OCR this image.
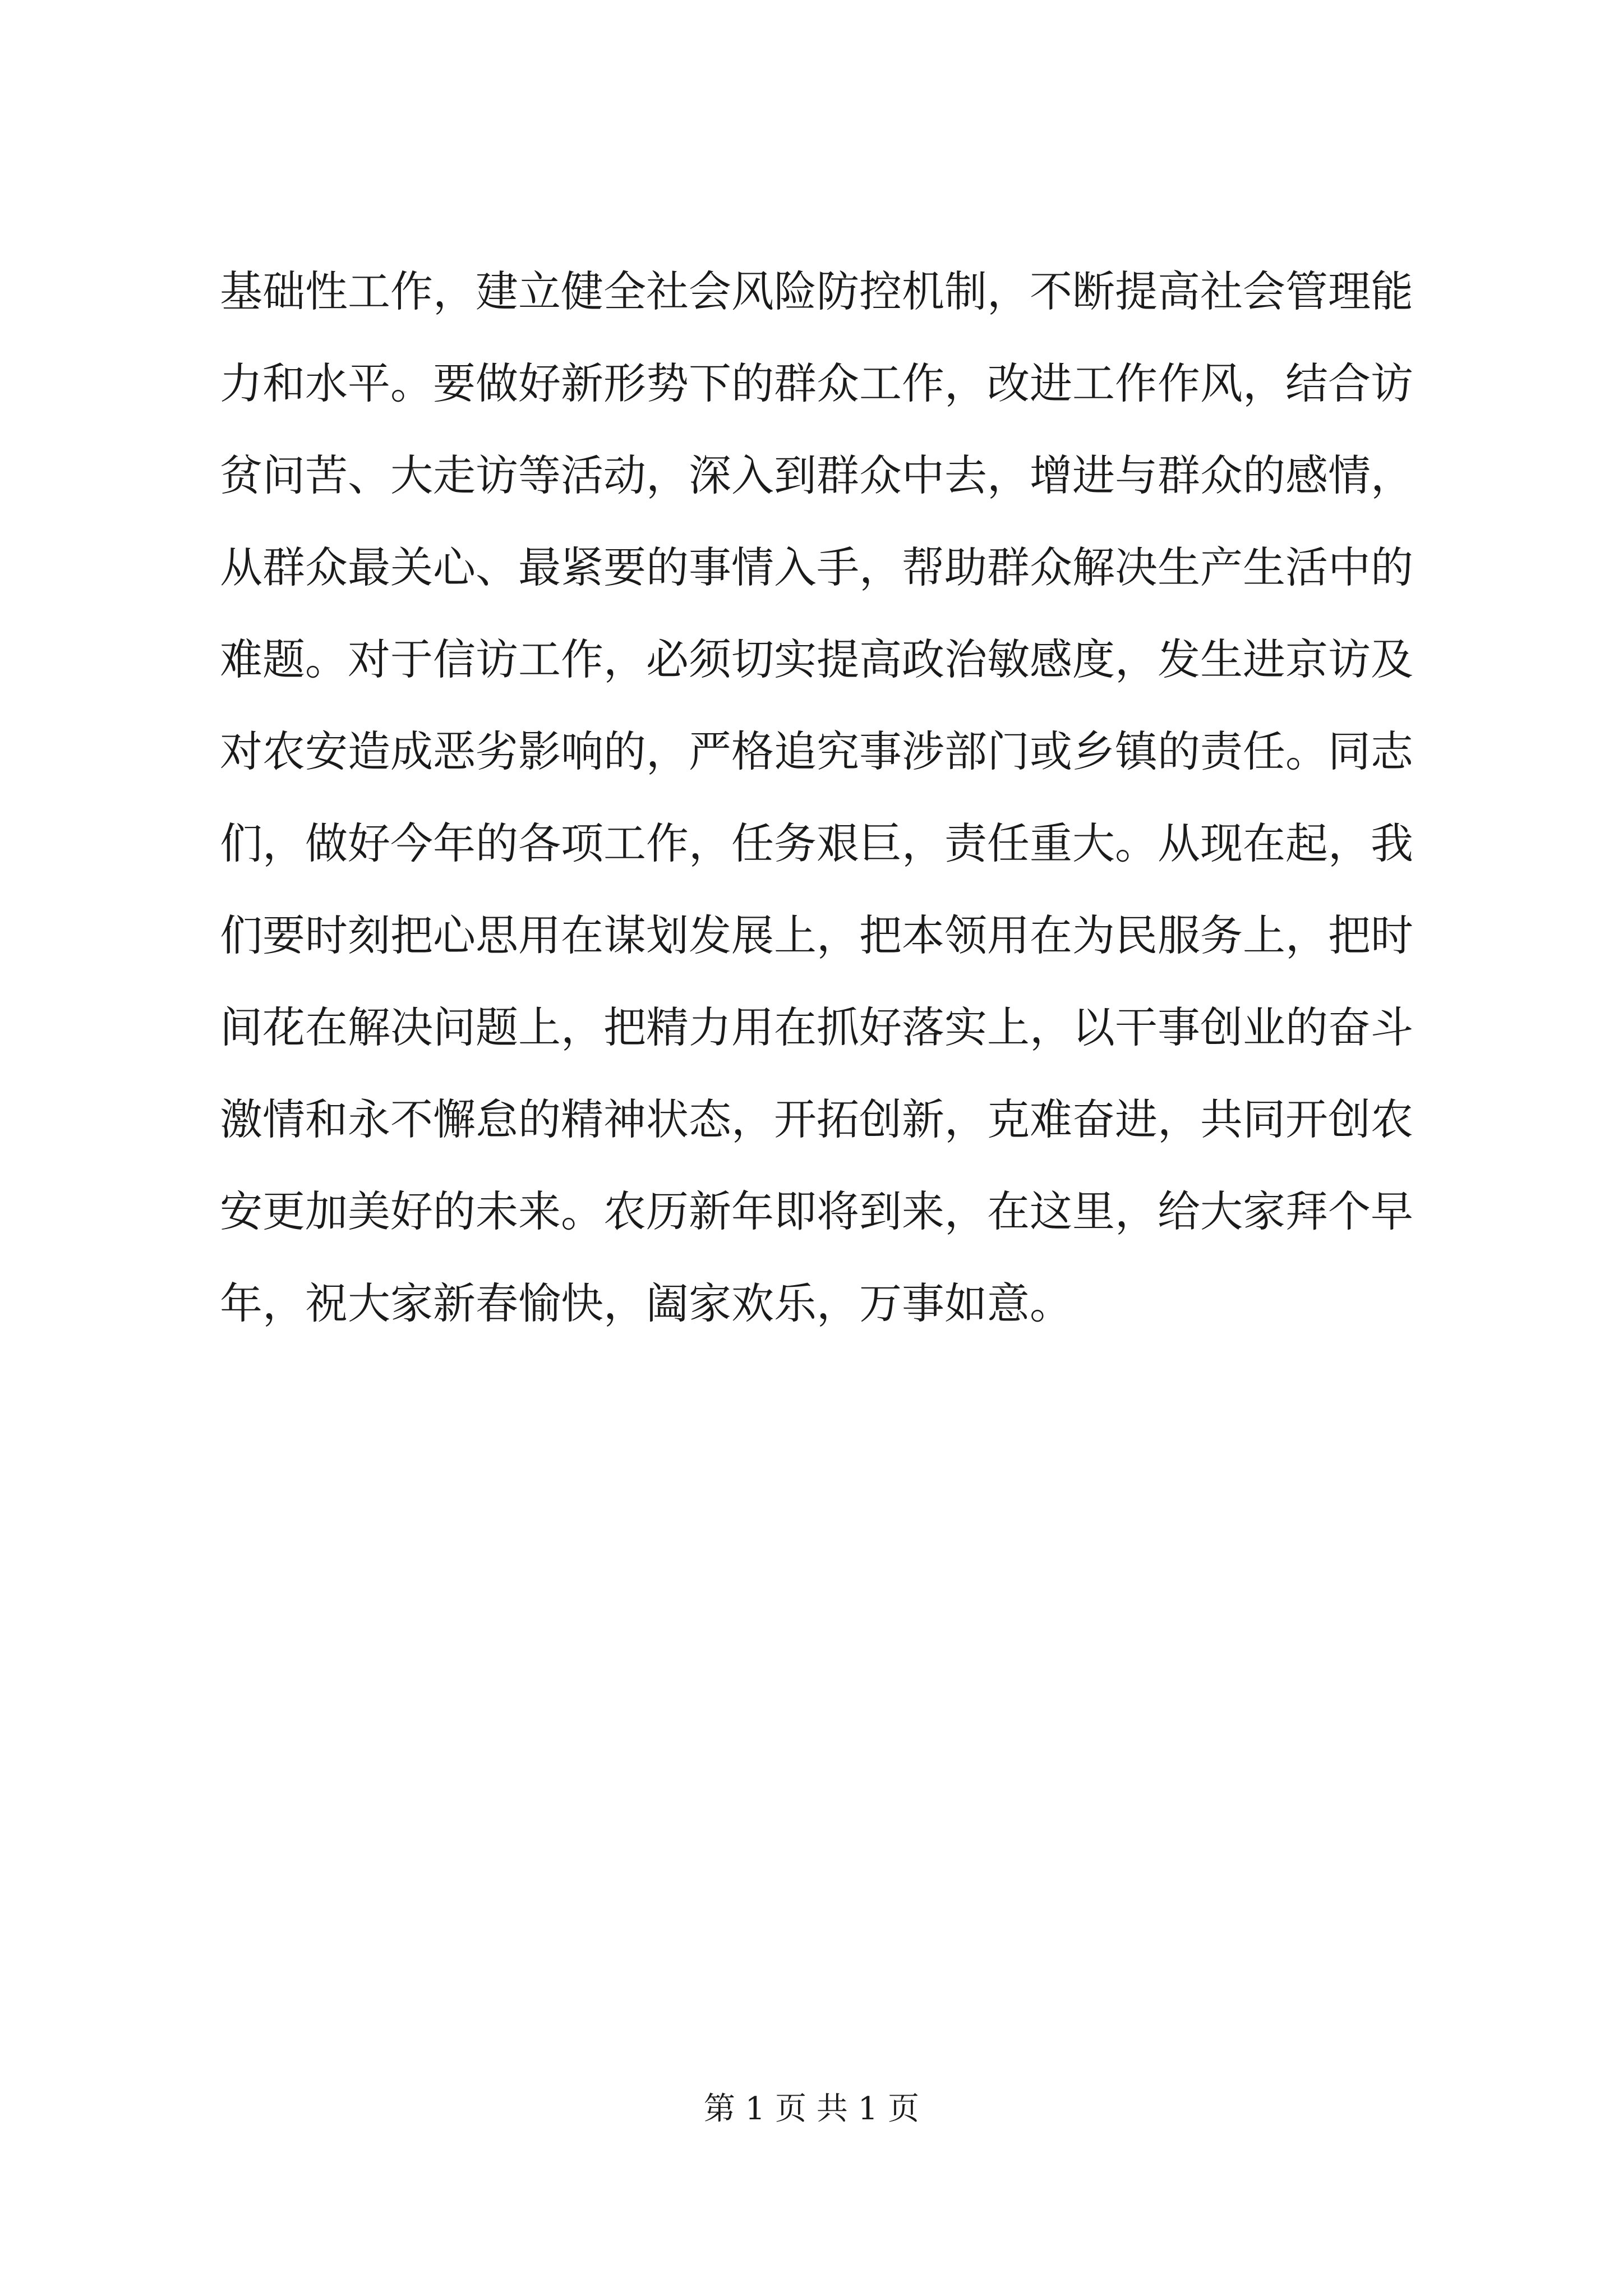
基础性工作，建立健全社会风险防控机制，不断提高社会管理能
力和水平。要做好新形势下的群众工作，改进工作作风，结合访
贫问苦、大走访等活动，深入到群众中去，增进与群众的感情，
从群众最关心、最紧要的事情入手，帮助群众解决生产生活中的
难题。对于信访工作，必须切实提高政治敏感度，发生进京访及
对农安造成恶劣影响的，严格追究事涉部门或乡镇的责任。同志
们，做好今年的各项工作，任务艰巨，责任重大。从现在起，我
们要时刻把心思用在谋划发展上，把本领用在为民服务上，把时
间花在解决问题上，把精力用在抓好落实上，以干事创业的奋斗
激情和永不懈怠的精神状态，开拓创新，克难奋进，共同开创农
安更加美好的未来。农历新年即将到来，在这里，给大家拜个早
年，祝大家新春愉快，阖家欢乐，万事如意。
第 1 页 共 1 页
